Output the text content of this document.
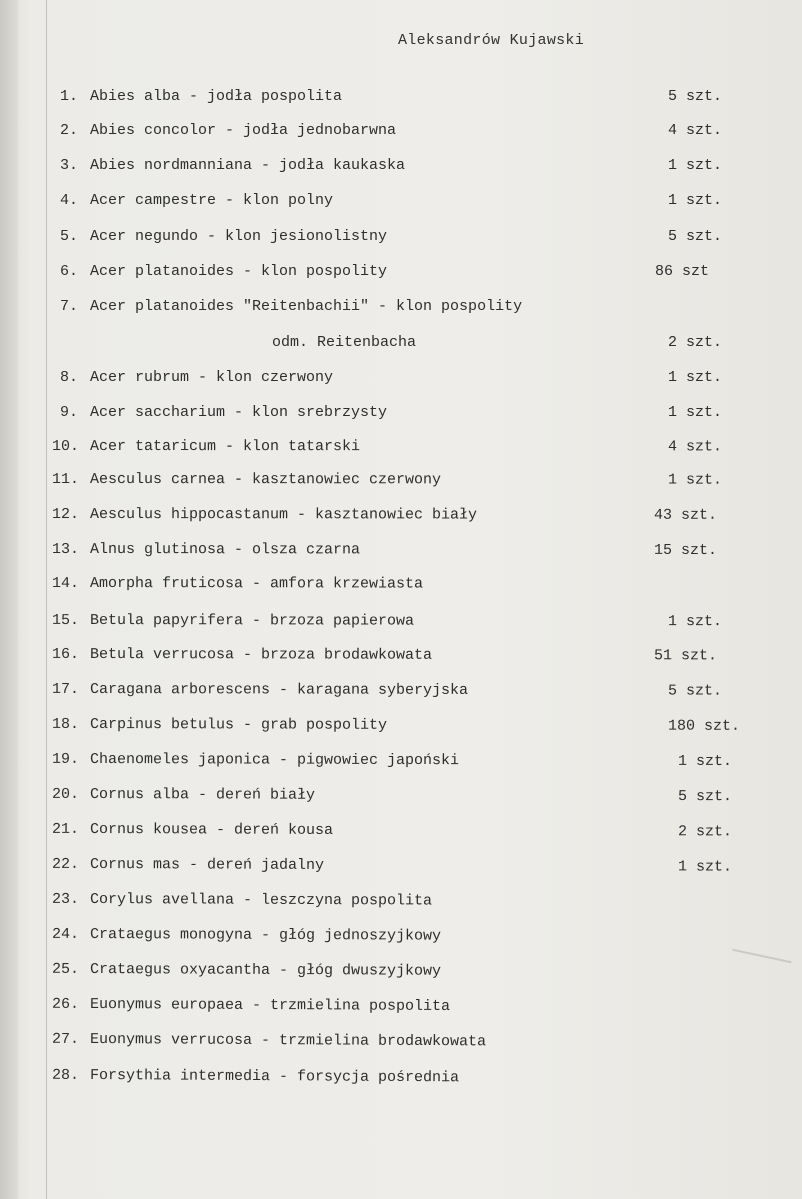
Aleksandrów Kujawski
1. Abies alba - jodła pospolita	5 szt.
2. Abies concolor - jodła jednobarwna	4 szt.
3. Abies nordmanniana - jodła kaukaska	1 szt.
4. Acer campestre - klon polny	1 szt.
5. Acer negundo - klon jesionolistny	5 szt.
6. Acer platanoides - klon pospolity	86 szt
7. Acer platanoides "Reitenbachii" - klon pospolity
odm. Reitenbacha	2 szt.
8. Acer rubrum - klon czerwony	1 szt.
9. Acer saccharium - klon srebrzysty	1 szt.
10. Acer tataricum - klon tatarski	4 szt.
11. Aesculus carnea - kasztanowiec czerwony	1 szt.
12. Aesculus hippocastanum - kasztanowiec biały	43 szt.
13. Alnus glutinosa - olsza czarna	15 szt.
14. Amorpha fruticosa - amfora krzewiasta
15. Betula papyrifera - brzoza papierowa	1 szt.
16. Betula verrucosa - brzoza brodawkowata	51 szt.
17. Caragana arborescens - karagana syberyjska	5 szt.
18. Carpinus betulus - grab pospolity	180 szt.
19. Chaenomeles japonica - pigwowiec japoński	1 szt.
20. Cornus alba - dereń biały	5 szt.
21. Cornus kousea - dereń kousa	2 szt.
22. Cornus mas - dereń jadalny	1 szt.
23. Corylus avellana - leszczyna pospolita
24. Crataegus monogyna - głóg jednoszyjkowy
25. Crataegus oxyacantha - głóg dwuszyjkowy
26. Euonymus europaea - trzmielina pospolita
27. Euonymus verrucosa - trzmielina brodawkowata
28. Forsythia intermedia - forsycja pośrednia
